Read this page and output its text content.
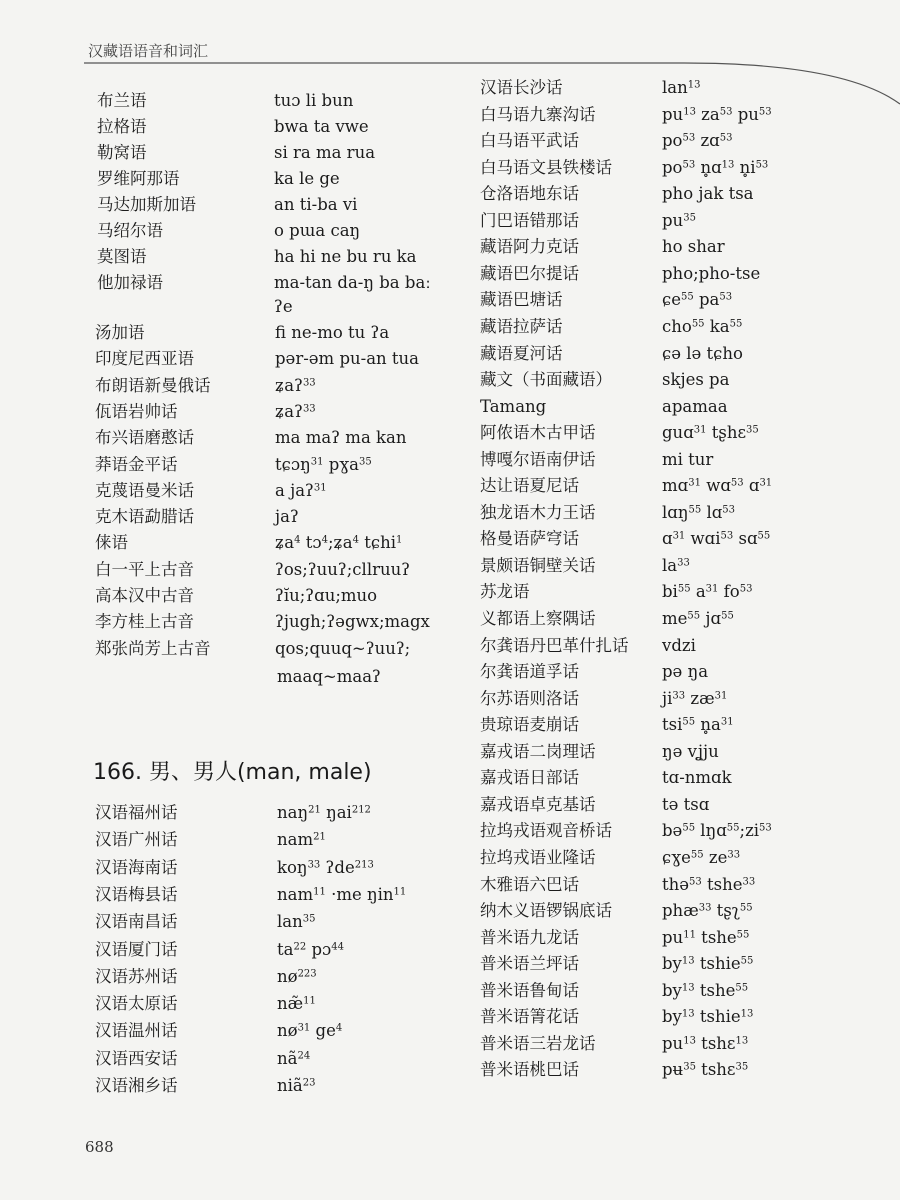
汉藏语语音和词汇
布兰语	tuɔ li bun
拉格语	bwa ta vwe
勒窝语	si ra ma rua
罗维阿那语	ka le ge
马达加斯加语	an ti-ba vi
马绍尔语	o pɯa caŋ
莫图语	ha hi ne bu ru ka
他加禄语	ma-tan da-ŋ ba baː
ʔe
汤加语	fi ne-mo tu ʔa
印度尼西亚语	pər-əm pu-an tua
布朗语新曼俄话	ʑaʔ$^{33}$
佤语岩帅话	ʑaʔ$^{33}$
布兴语磨憨话	ma maʔ ma kan
莽语金平话	tɕɔŋ$^{31}$ pɣa$^{35}$
克蔑语曼米话	a jaʔ$^{31}$
克木语勐腊话	jaʔ
俫语	ʑa$^4$ tɔ$^4$;ʑa$^4$ tɕhi$^1$
白一平上古音	ʔos;ʔuuʔ;cllruuʔ
高本汉中古音	ʔĭu;ʔɑu;muo
李方桂上古音	ʔjugh;ʔəgwx;magx
郑张尚芳上古音	qos;quuq~ʔuuʔ;
maaq~maaʔ
166. 男、男人(man, male)
汉语福州话	naŋ$^{21}$ ŋai$^{212}$
汉语广州话	nam$^{21}$
汉语海南话	koŋ$^{33}$ ʔde$^{213}$
汉语梅县话	nam$^{11}$ ·me ŋin$^{11}$
汉语南昌话	lan$^{35}$
汉语厦门话	$ta^{22}$ pɔ$^{44}$
汉语苏州话	$nø^{223}$
汉语太原话	næ̃$^{11}$
汉语温州话	$nø^{31}$ $ge^4$
汉语西安话	$nã^{24}$
汉语湘乡话	niã$^{23}$
汉语长沙话	lan$^{13}$
白马语九寨沟话	$pu^{13}$ $za^{53}$ $pu^{53}$
白马语平武话	$po^{53}$ zɑ$^{53}$
白马语文县铁楼话	$po^{53}$ n̥ɑ$^{13}$ $n̥i^{53}$
仓洛语地东话	pho jak tsa
门巴语错那话	$pu^{35}$
藏语阿力克话	ho shar
藏语巴尔提话	pho;pho-tse
藏语巴塘话	ɕe$^{55}$ $pa^{53}$
藏语拉萨话	cho$^{55}$ $ka^{55}$
藏语夏河话	ɕə lə tɕho
藏文（书面藏语）	skjes pa
Tamang	apamaa
阿侬语木古甲话	guɑ$^{31}$ tʂhɛ$^{35}$
博嘎尔语南伊话	mi tur
达让语夏尼话	mɑ$^{31}$ wɑ$^{53}$ ɑ$^{31}$
独龙语木力王话	lɑŋ$^{55}$ lɑ$^{53}$
格曼语萨穹话	ɑ$^{31}$ wɑi$^{53}$ sɑ$^{55}$
景颇语铜壁关话	$la^{33}$
苏龙语	$bi^{55}$ $a^{31}$ $fo^{53}$
义都语上察隅话	$me^{55}$ jɑ$^{55}$
尔龚语丹巴革什扎话 vdzi
尔龚语道孚话	pə ŋa
尔苏语则洛话	$ji^{33}$ $zæ^{31}$
贵琼语麦崩话	tsi$^{55}$ $n̥a^{31}$
嘉戎语二岗理话	ŋə vʝju
嘉戎语日部话	tɑ-nmɑk
嘉戎语卓克基话	tə tsɑ
拉坞戎语观音桥话	bə$^{55}$ $lŋɑ^{55};zi^{53}$
拉坞戎语业隆话	ɕɣe$^{55}$ $ze^{33}$
木雅语六巴话	thə$^{53}$ tshe$^{33}$
纳木义语锣锅底话	phæ$^{33}$ tʂʅ$^{55}$
普米语九龙话	$pu^{11}$ tshe$^{55}$
普米语兰坪话	$by^{13}$ tshie$^{55}$
普米语鲁甸话	$by^{13}$ tshe$^{55}$
普米语箐花话	$by^{13}$ tshie$^{13}$
普米语三岩龙话	$pu^{13}$ tshɛ$^{13}$
普米语桃巴话	pʉ$^{35}$ tshɛ$^{35}$
688
